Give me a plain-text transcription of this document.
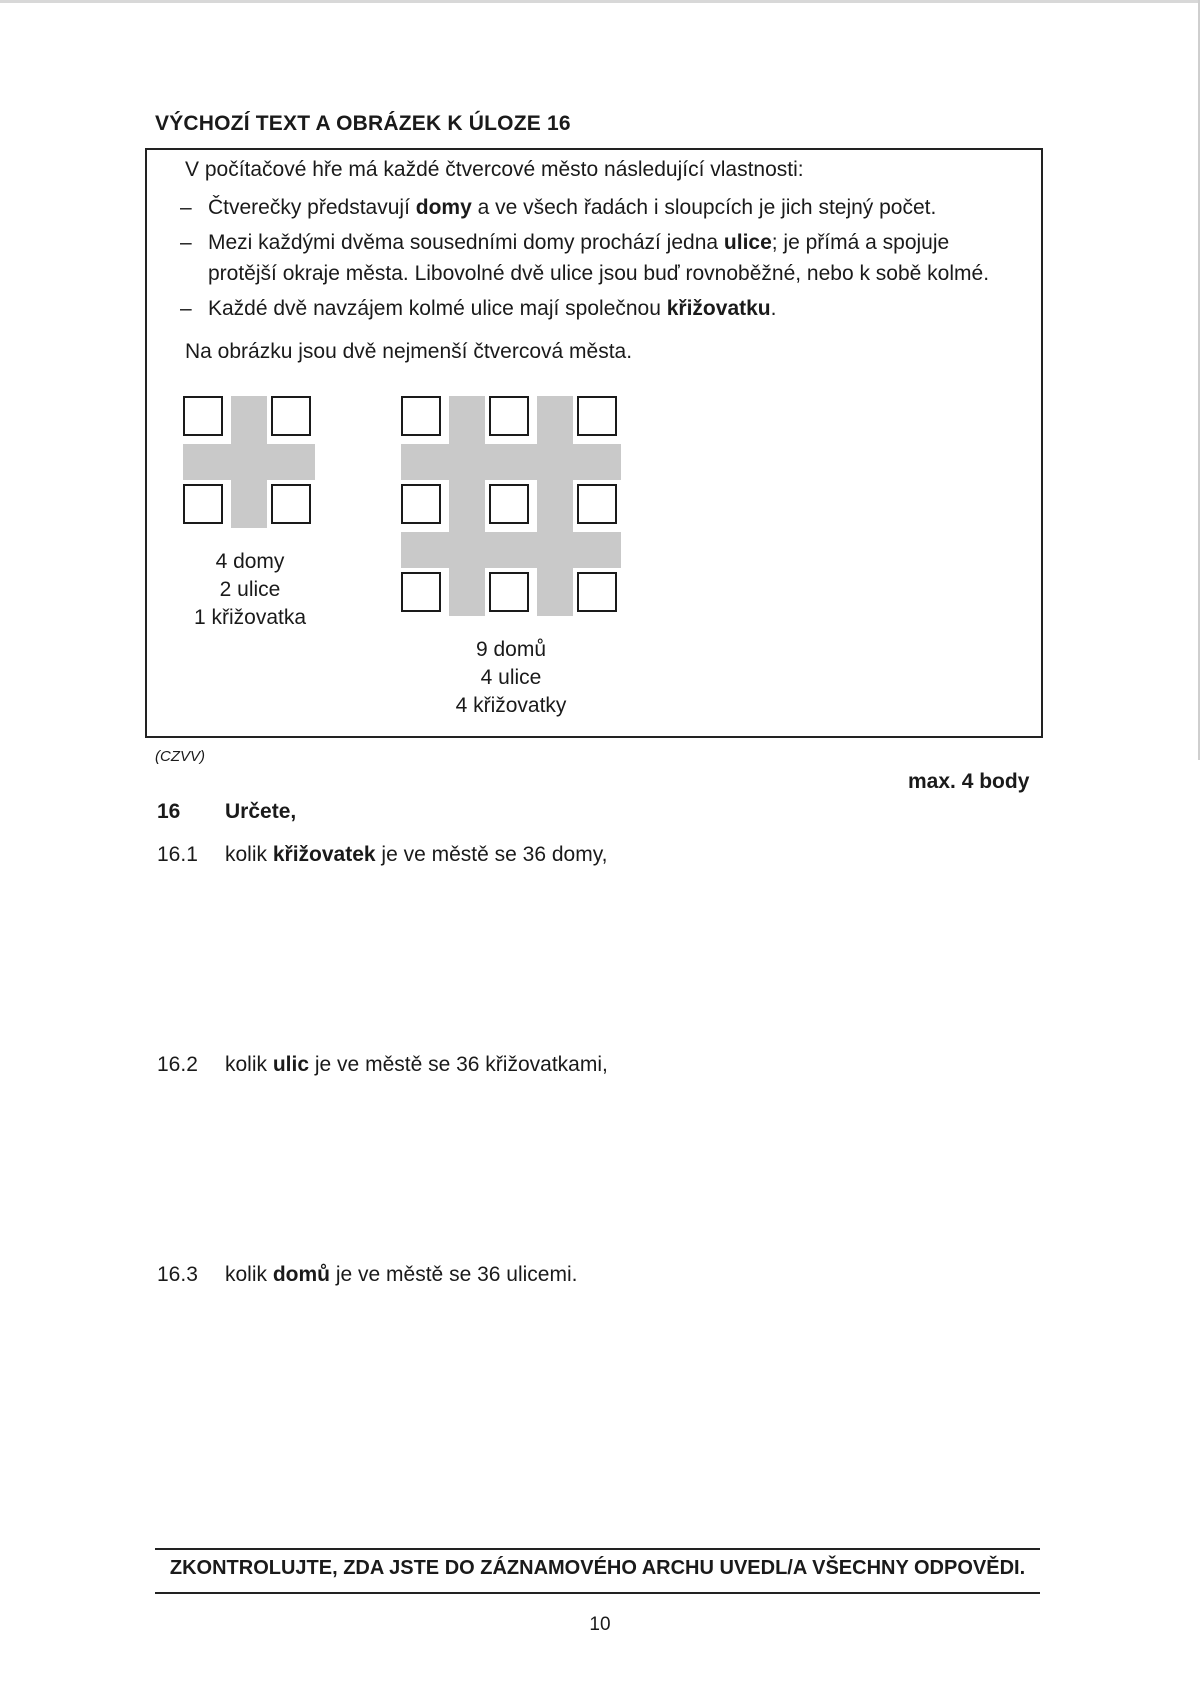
VÝCHOZÍ TEXT A OBRÁZEK K ÚLOZE 16
V počítačové hře má každé čtvercové město následující vlastnosti:
– Čtverečky představují domy a ve všech řadách i sloupcích je jich stejný počet.
– Mezi každými dvěma sousedními domy prochází jedna ulice; je přímá a spojuje protější okraje města. Libovolné dvě ulice jsou buď rovnoběžné, nebo k sobě kolmé.
– Každé dvě navzájem kolmé ulice mají společnou křižovatku.
Na obrázku jsou dvě nejmenší čtvercová města.
4 domy
2 ulice
1 křižovatka
9 domů
4 ulice
4 křižovatky
(CZVV)
max. 4 body
16 Určete,
16.1 kolik křižovatek je ve městě se 36 domy,
16.2 kolik ulic je ve městě se 36 křižovatkami,
16.3 kolik domů je ve městě se 36 ulicemi.
ZKONTROLUJTE, ZDA JSTE DO ZÁZNAMOVÉHO ARCHU UVEDL/A VŠECHNY ODPOVĚDI.
10
